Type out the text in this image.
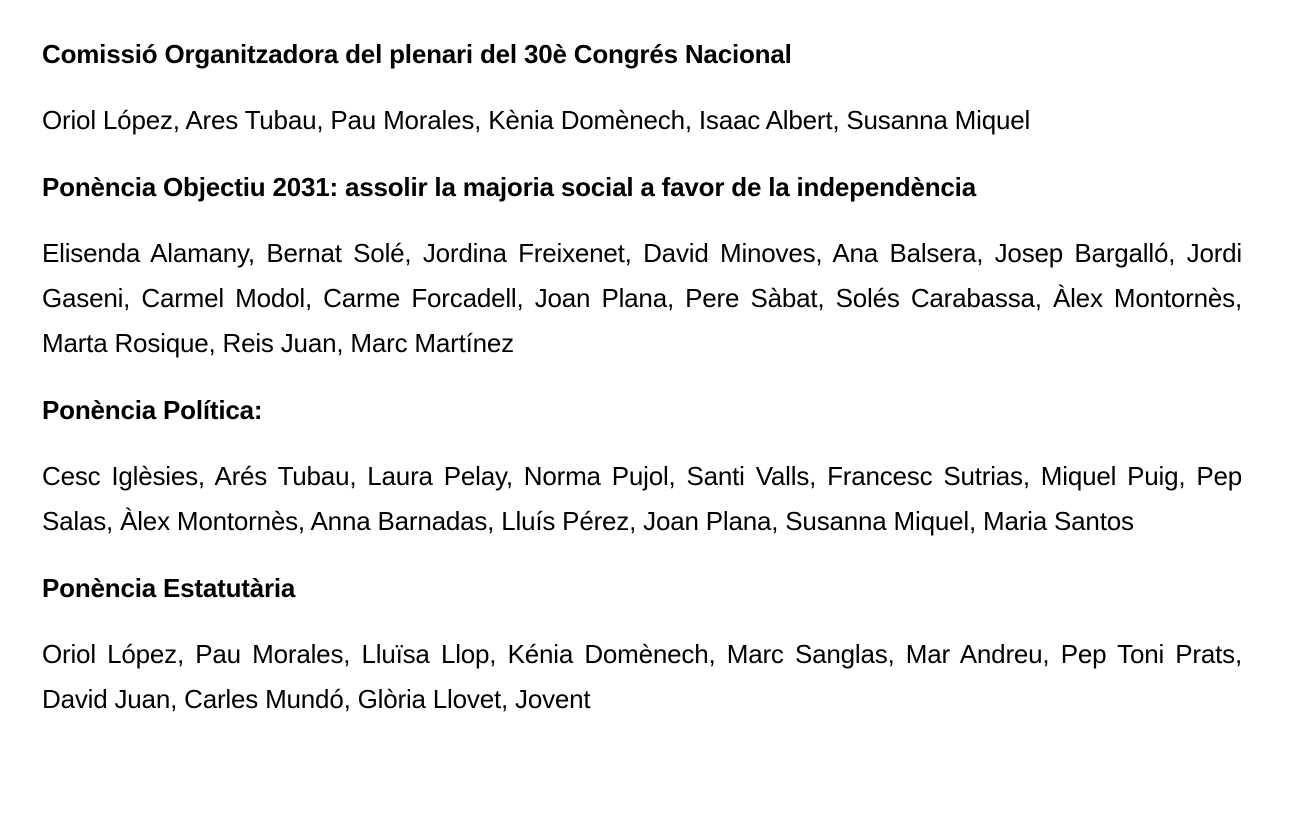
Comissió Organitzadora del plenari del 30è Congrés Nacional

Oriol López, Ares Tubau, Pau Morales, Kènia Domènech, Isaac Albert, Susanna Miquel

Ponència Objectiu 2031: assolir la majoria social a favor de la independència

Elisenda Alamany, Bernat Solé, Jordina Freixenet, David Minoves, Ana Balsera, Josep Bargalló, Jordi Gaseni, Carmel Modol, Carme Forcadell, Joan Plana, Pere Sàbat, Solés Carabassa, Àlex Montornès, Marta Rosique, Reis Juan, Marc Martínez

Ponència Política:

Cesc Iglèsies, Arés Tubau, Laura Pelay, Norma Pujol, Santi Valls, Francesc Sutrias, Miquel Puig, Pep Salas, Àlex Montornès, Anna Barnadas, Lluís Pérez, Joan Plana, Susanna Miquel, Maria Santos

Ponència Estatutària

Oriol López, Pau Morales, Lluïsa Llop, Kénia Domènech, Marc Sanglas, Mar Andreu, Pep Toni Prats, David Juan, Carles Mundó, Glòria Llovet, Jovent
